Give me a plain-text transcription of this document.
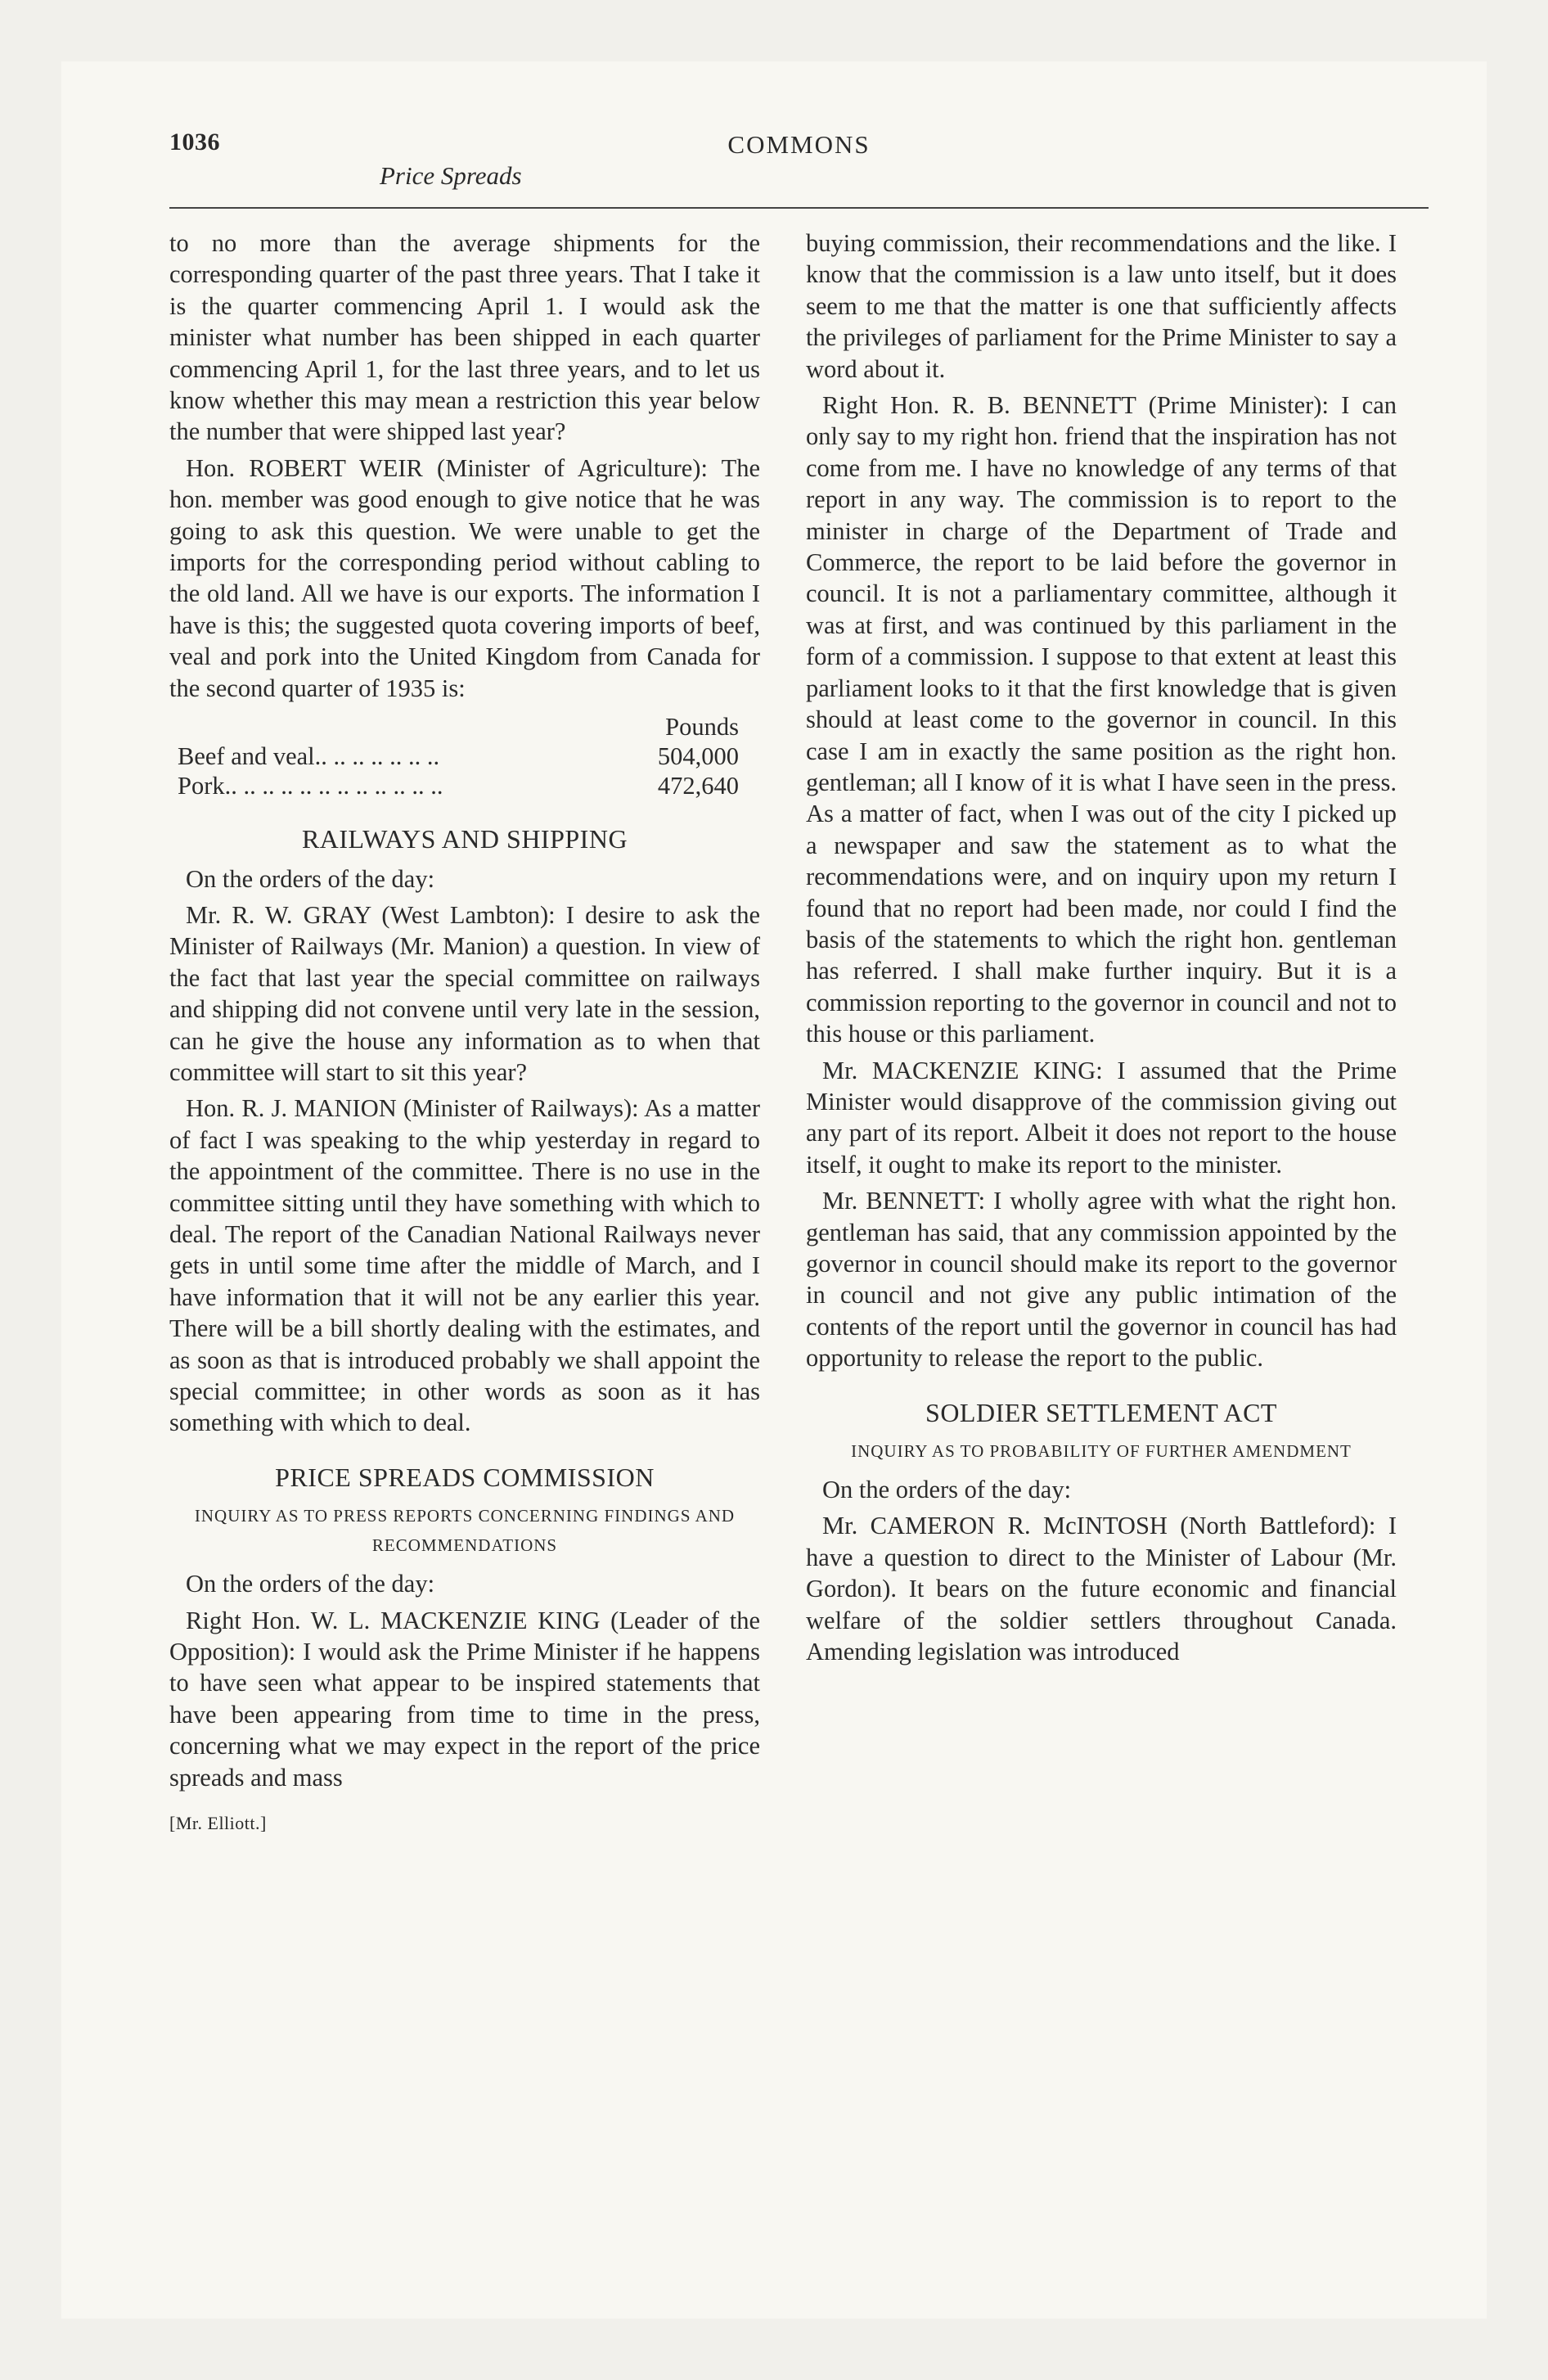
1036	COMMONS
Price Spreads

to no more than the average shipments for the corresponding quarter of the past three years. That I take it is the quarter commencing April 1. I would ask the minister what number has been shipped in each quarter commencing April 1, for the last three years, and to let us know whether this may mean a restriction this year below the number that were shipped last year?

Hon. ROBERT WEIR (Minister of Agriculture): The hon. member was good enough to give notice that he was going to ask this question. We were unable to get the imports for the corresponding period without cabling to the old land. All we have is our exports. The information I have is this; the suggested quota covering imports of beef, veal and pork into the United Kingdom from Canada for the second quarter of 1935 is:

Pounds
Beef and veal.. .. .. .. .. .. ..	504,000
Pork.. .. .. .. .. .. .. .. .. .. .. ..	472,640
RAILWAYS AND SHIPPING

On the orders of the day:

Mr. R. W. GRAY (West Lambton): I desire to ask the Minister of Railways (Mr. Manion) a question. In view of the fact that last year the special committee on railways and shipping did not convene until very late in the session, can he give the house any information as to when that committee will start to sit this year?

Hon. R. J. MANION (Minister of Railways): As a matter of fact I was speaking to the whip yesterday in regard to the appointment of the committee. There is no use in the committee sitting until they have something with which to deal. The report of the Canadian National Railways never gets in until some time after the middle of March, and I have information that it will not be any earlier this year. There will be a bill shortly dealing with the estimates, and as soon as that is introduced probably we shall appoint the special committee; in other words as soon as it has something with which to deal.

PRICE SPREADS COMMISSION
INQUIRY AS TO PRESS REPORTS CONCERNING FINDINGS AND RECOMMENDATIONS

On the orders of the day:

Right Hon. W. L. MACKENZIE KING (Leader of the Opposition): I would ask the Prime Minister if he happens to have seen what appear to be inspired statements that have been appearing from time to time in the press, concerning what we may expect in the report of the price spreads and mass

[Mr. Elliott.]

buying commission, their recommendations and the like. I know that the commission is a law unto itself, but it does seem to me that the matter is one that sufficiently affects the privileges of parliament for the Prime Minister to say a word about it.

Right Hon. R. B. BENNETT (Prime Minister): I can only say to my right hon. friend that the inspiration has not come from me. I have no knowledge of any terms of that report in any way. The commission is to report to the minister in charge of the Department of Trade and Commerce, the report to be laid before the governor in council. It is not a parliamentary committee, although it was at first, and was continued by this parliament in the form of a commission. I suppose to that extent at least this parliament looks to it that the first knowledge that is given should at least come to the governor in council. In this case I am in exactly the same position as the right hon. gentleman; all I know of it is what I have seen in the press. As a matter of fact, when I was out of the city I picked up a newspaper and saw the statement as to what the recommendations were, and on inquiry upon my return I found that no report had been made, nor could I find the basis of the statements to which the right hon. gentleman has referred. I shall make further inquiry. But it is a commission reporting to the governor in council and not to this house or this parliament.

Mr. MACKENZIE KING: I assumed that the Prime Minister would disapprove of the commission giving out any part of its report. Albeit it does not report to the house itself, it ought to make its report to the minister.

Mr. BENNETT: I wholly agree with what the right hon. gentleman has said, that any commission appointed by the governor in council should make its report to the governor in council and not give any public intimation of the contents of the report until the governor in council has had opportunity to release the report to the public.

SOLDIER SETTLEMENT ACT
INQUIRY AS TO PROBABILITY OF FURTHER AMENDMENT

On the orders of the day:

Mr. CAMERON R. McINTOSH (North Battleford): I have a question to direct to the Minister of Labour (Mr. Gordon). It bears on the future economic and financial welfare of the soldier settlers throughout Canada. Amending legislation was introduced
